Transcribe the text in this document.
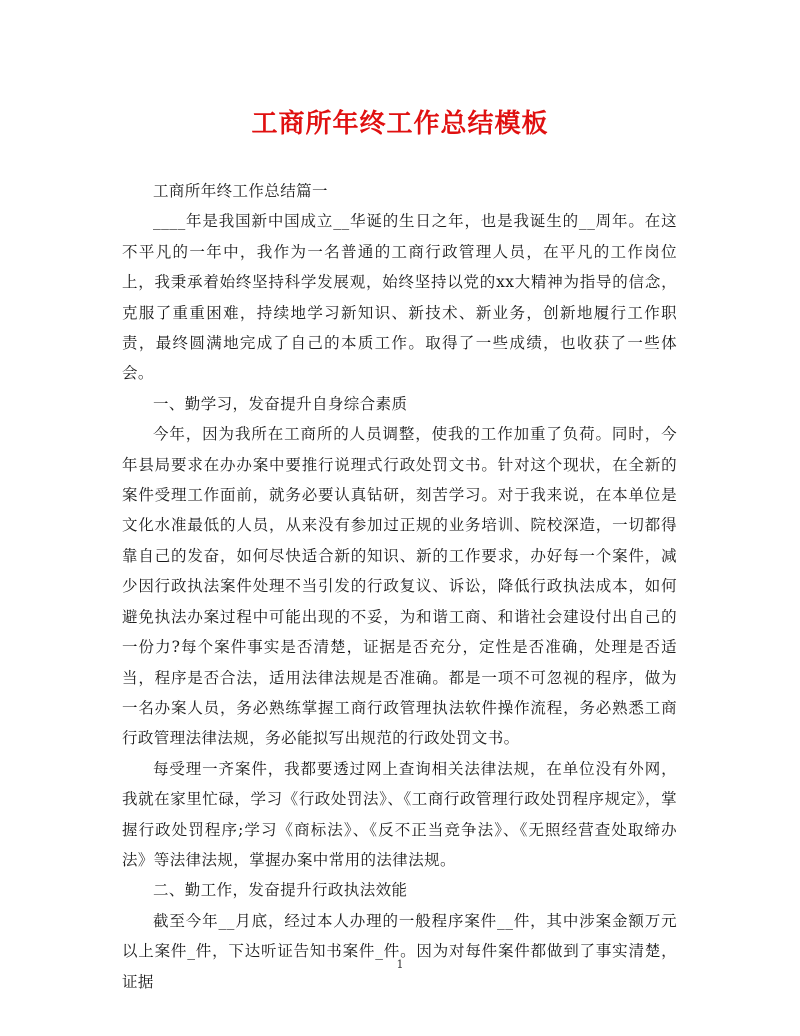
工商所年终工作总结模板

工商所年终工作总结篇一

____年是我国新中国成立__华诞的生日之年，也是我诞生的__周年。在这不平凡的一年中，我作为一名普通的工商行政管理人员，在平凡的工作岗位上，我秉承着始终坚持科学发展观，始终坚持以党的xx大精神为指导的信念，克服了重重困难，持续地学习新知识、新技术、新业务，创新地履行工作职责，最终圆满地完成了自己的本质工作。取得了一些成绩，也收获了一些体会。

一、勤学习，发奋提升自身综合素质

今年，因为我所在工商所的人员调整，使我的工作加重了负荷。同时，今年县局要求在办办案中要推行说理式行政处罚文书。针对这个现状，在全新的案件受理工作面前，就务必要认真钻研，刻苦学习。对于我来说，在本单位是文化水准最低的人员，从来没有参加过正规的业务培训、院校深造，一切都得靠自己的发奋，如何尽快适合新的知识、新的工作要求，办好每一个案件，减少因行政执法案件处理不当引发的行政复议、诉讼，降低行政执法成本，如何避免执法办案过程中可能出现的不妥，为和谐工商、和谐社会建设付出自己的一份力?每个案件事实是否清楚，证据是否充分，定性是否准确，处理是否适当，程序是否合法，适用法律法规是否准确。都是一项不可忽视的程序，做为一名办案人员，务必熟练掌握工商行政管理执法软件操作流程，务必熟悉工商行政管理法律法规，务必能拟写出规范的行政处罚文书。

每受理一齐案件，我都要透过网上查询相关法律法规，在单位没有外网，我就在家里忙碌，学习《行政处罚法》、《工商行政管理行政处罚程序规定》，掌握行政处罚程序;学习《商标法》、《反不正当竞争法》、《无照经营查处取缔办法》等法律法规，掌握办案中常用的法律法规。

二、勤工作，发奋提升行政执法效能

截至今年__月底，经过本人办理的一般程序案件__件，其中涉案金额万元以上案件_件，下达听证告知书案件_件。因为对每件案件都做到了事实清楚，证据

1
